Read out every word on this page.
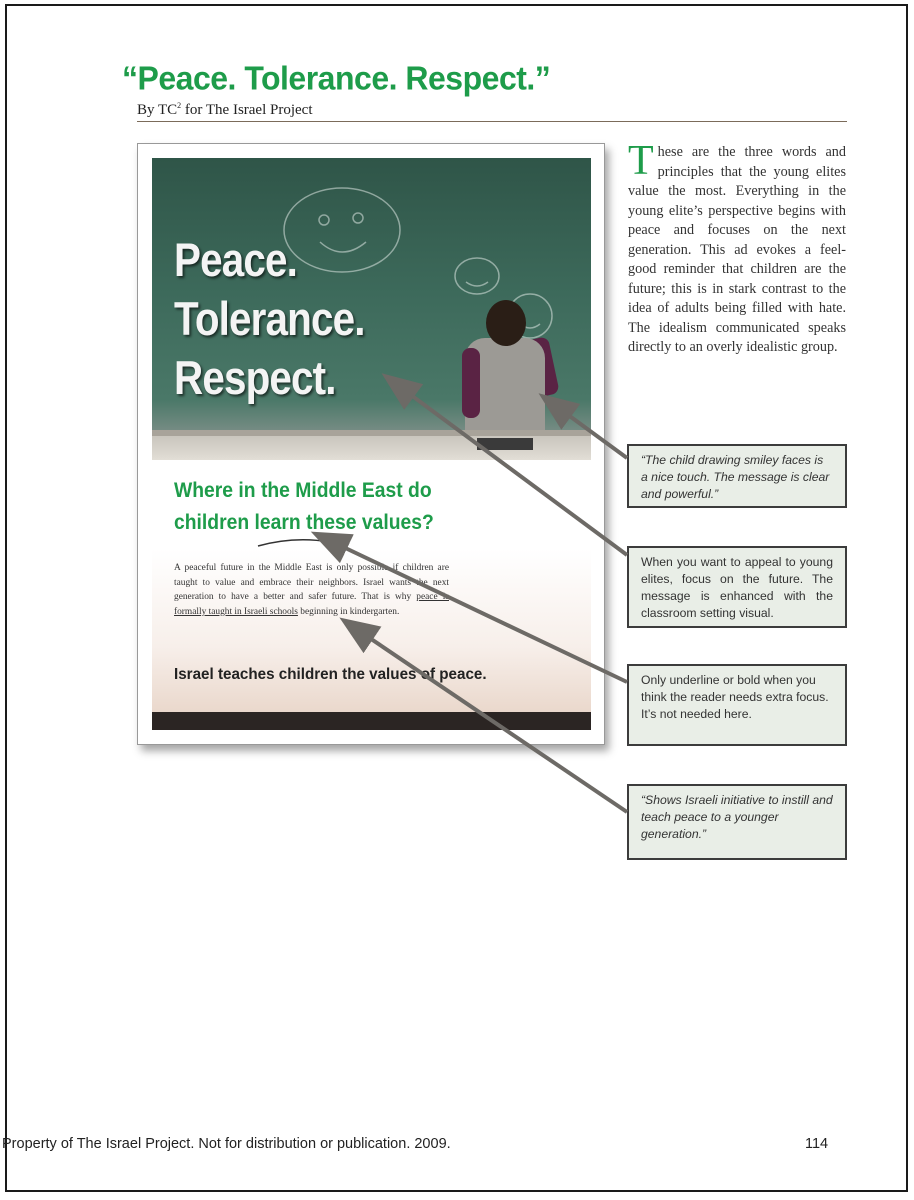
“Peace. Tolerance. Respect.”
By $TC^2$ for The Israel Project
Peace.
Tolerance.
Respect.
Where in the Middle East do
children learn these values?
A peaceful future in the Middle East is only possible if children are taught to value and embrace their neighbors. Israel wants the next generation to have a better and safer future. That is why peace is formally taught in Israeli schools beginning in kindergarten.
Israel teaches children the values of peace.
These are the three words and principles that the young elites value the most. Everything in the young elite’s perspective begins with peace and focuses on the next generation. This ad evokes a feel-good reminder that children are the future; this is in stark contrast to the idea of adults being filled with hate. The idealism communicated speaks directly to an overly idealistic group.
“The child drawing smiley faces is a nice touch. The message is clear and powerful.”
When you want to appeal to young elites, focus on the future. The message is enhanced with the classroom setting visual.
Only underline or bold when you think the reader needs extra focus. It’s not needed here.
“Shows Israeli initiative to instill and teach peace to a younger generation.”
Property of The Israel Project. Not for distribution or publication. 2009.	114
